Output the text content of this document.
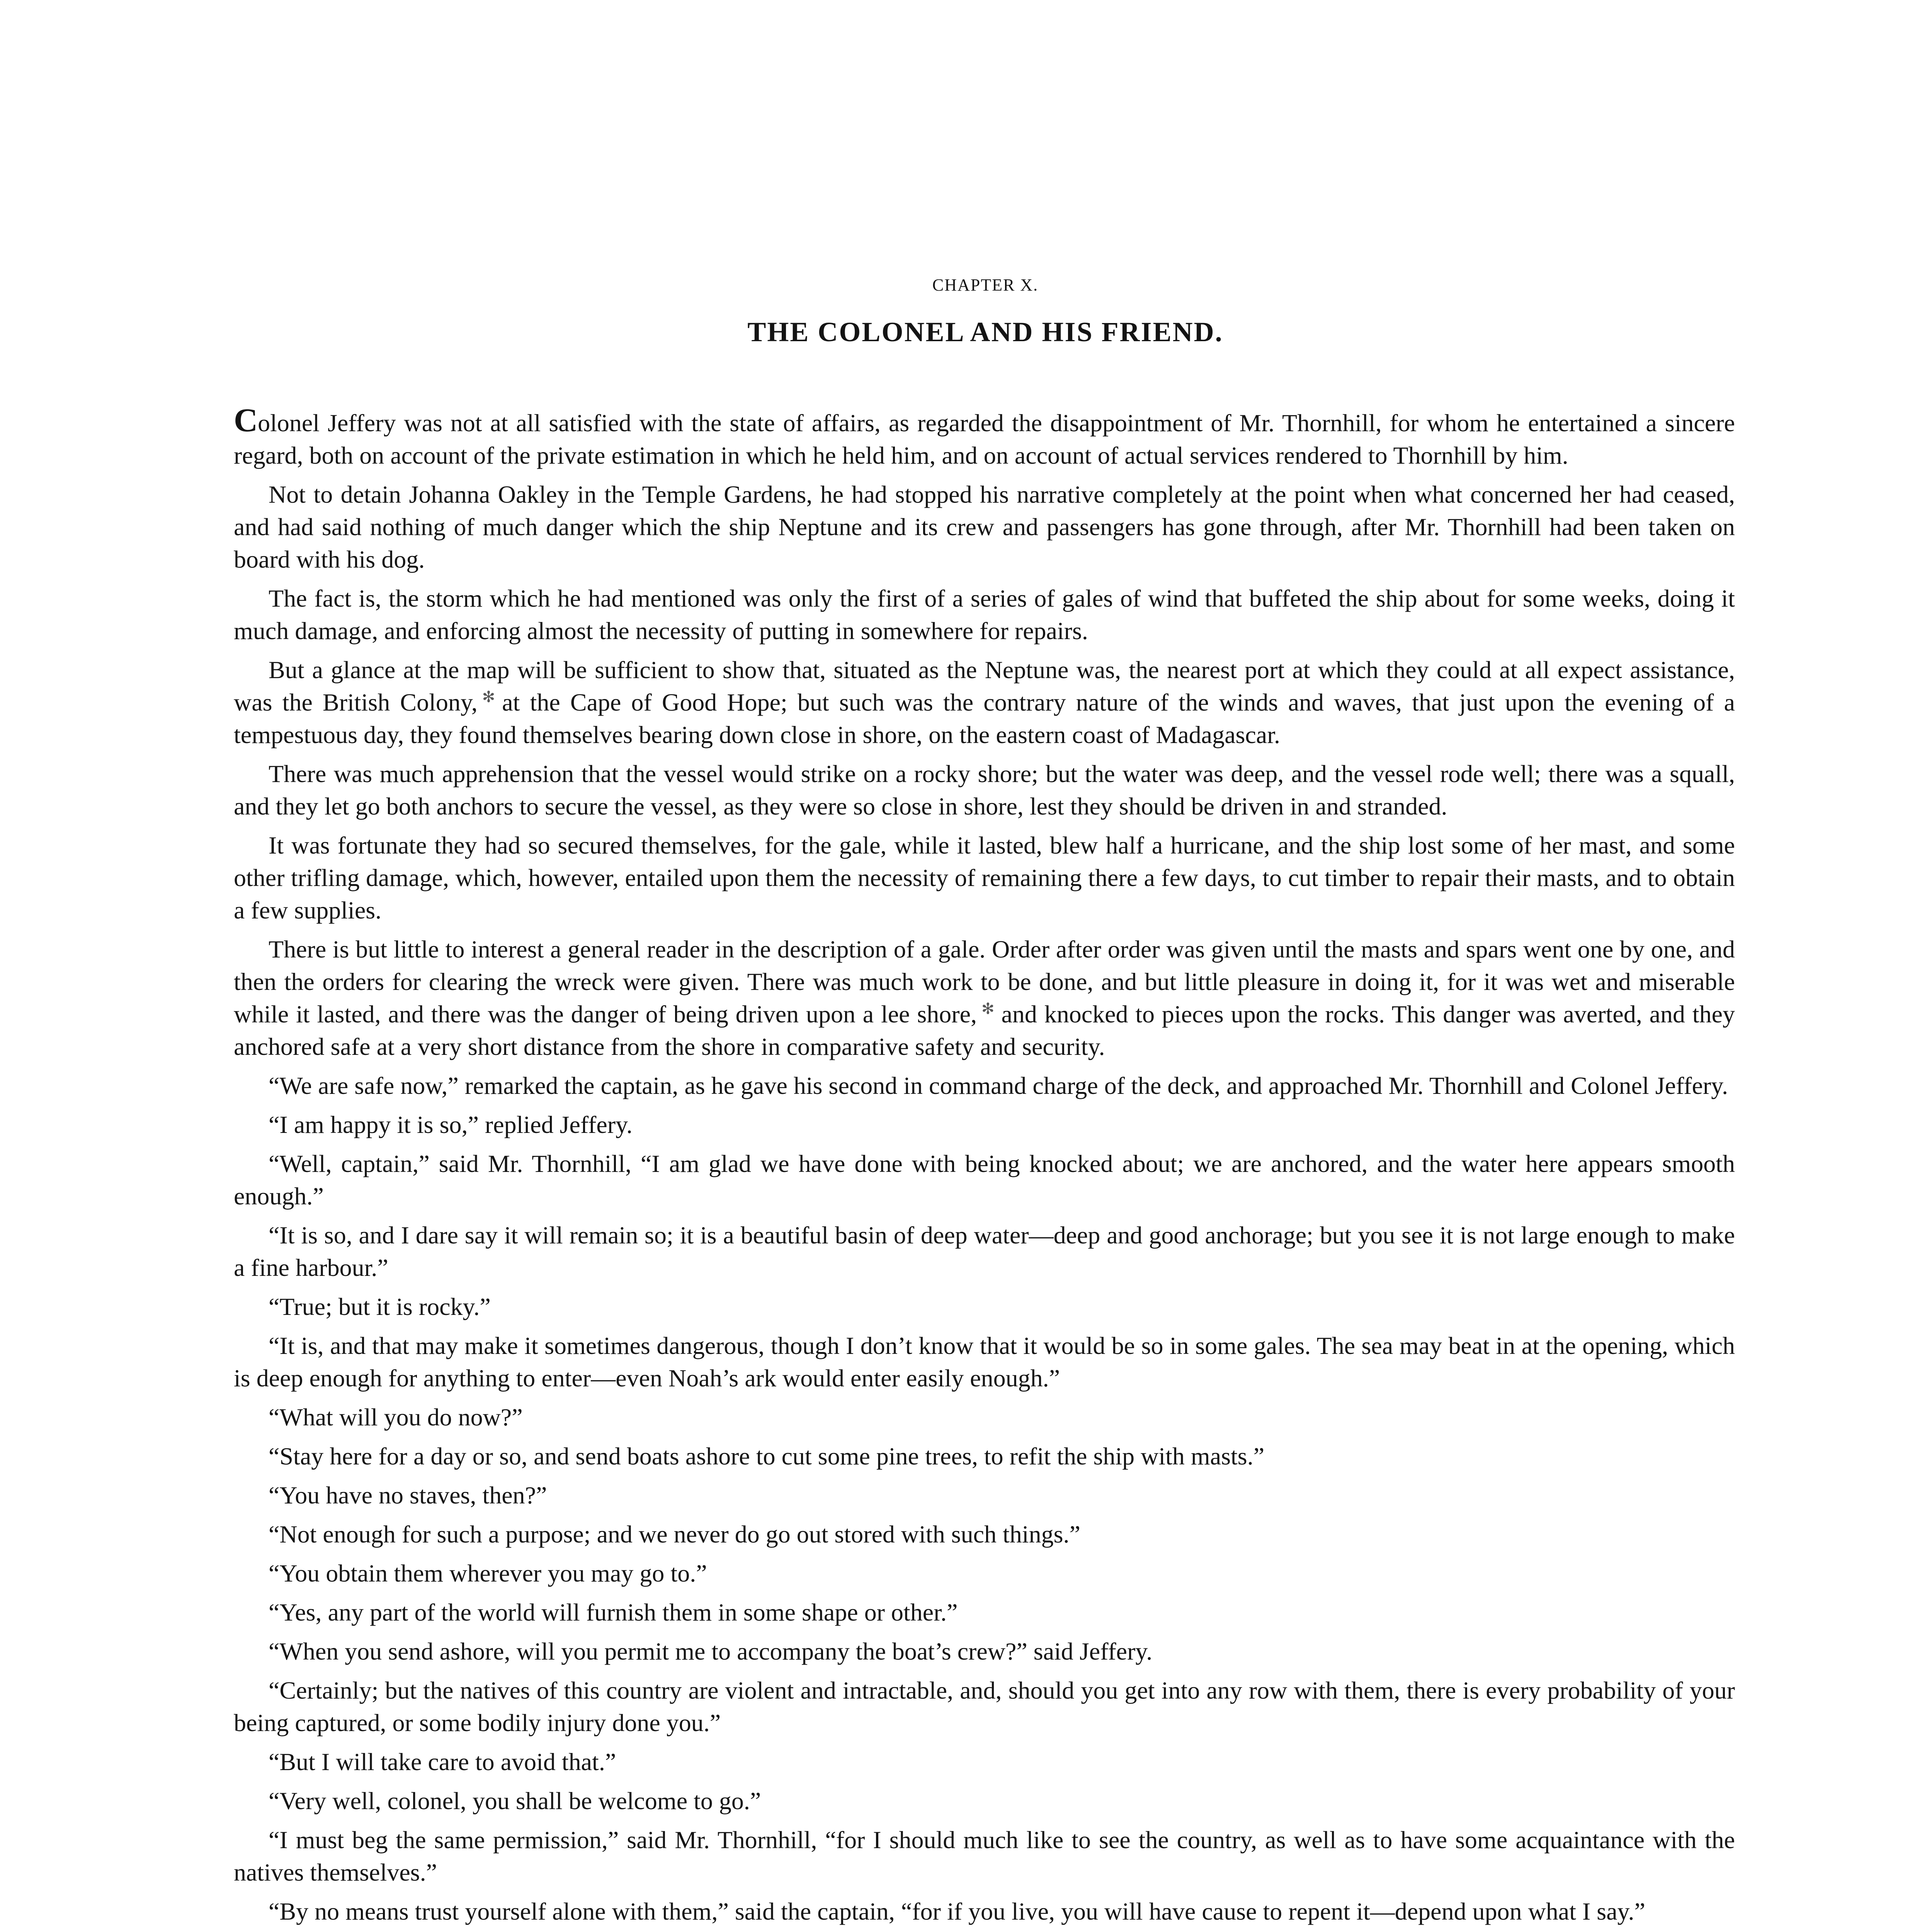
CHAPTER X.
THE COLONEL AND HIS FRIEND.

Colonel Jeffery was not at all satisfied with the state of affairs, as regarded the disappointment of Mr. Thornhill, for whom he entertained a sincere regard, both on account of the private estimation in which he held him, and on account of actual services rendered to Thornhill by him.

Not to detain Johanna Oakley in the Temple Gardens, he had stopped his narrative completely at the point when what concerned her had ceased, and had said nothing of much danger which the ship Neptune and its crew and passengers has gone through, after Mr. Thornhill had been taken on board with his dog.

The fact is, the storm which he had mentioned was only the first of a series of gales of wind that buffeted the ship about for some weeks, doing it much damage, and enforcing almost the necessity of putting in somewhere for repairs.

But a glance at the map will be sufficient to show that, situated as the Neptune was, the nearest port at which they could at all expect assistance, was the British Colony, ✻ at the Cape of Good Hope; but such was the contrary nature of the winds and waves, that just upon the evening of a tempestuous day, they found themselves bearing down close in shore, on the eastern coast of Madagascar.

There was much apprehension that the vessel would strike on a rocky shore; but the water was deep, and the vessel rode well; there was a squall, and they let go both anchors to secure the vessel, as they were so close in shore, lest they should be driven in and stranded.

It was fortunate they had so secured themselves, for the gale, while it lasted, blew half a hurricane, and the ship lost some of her mast, and some other trifling damage, which, however, entailed upon them the necessity of remaining there a few days, to cut timber to repair their masts, and to obtain a few supplies.

There is but little to interest a general reader in the description of a gale. Order after order was given until the masts and spars went one by one, and then the orders for clearing the wreck were given. There was much work to be done, and but little pleasure in doing it, for it was wet and miserable while it lasted, and there was the danger of being driven upon a lee shore, ✻ and knocked to pieces upon the rocks. This danger was averted, and they anchored safe at a very short distance from the shore in comparative safety and security.

“We are safe now,” remarked the captain, as he gave his second in command charge of the deck, and approached Mr. Thornhill and Colonel Jeffery.

“I am happy it is so,” replied Jeffery.

“Well, captain,” said Mr. Thornhill, “I am glad we have done with being knocked about; we are anchored, and the water here appears smooth enough.”

“It is so, and I dare say it will remain so; it is a beautiful basin of deep water—deep and good anchorage; but you see it is not large enough to make a fine harbour.”

“True; but it is rocky.”

“It is, and that may make it sometimes dangerous, though I don’t know that it would be so in some gales. The sea may beat in at the opening, which is deep enough for anything to enter—even Noah’s ark would enter easily enough.”

“What will you do now?”

“Stay here for a day or so, and send boats ashore to cut some pine trees, to refit the ship with masts.”

“You have no staves, then?”

“Not enough for such a purpose; and we never do go out stored with such things.”

“You obtain them wherever you may go to.”

“Yes, any part of the world will furnish them in some shape or other.”

“When you send ashore, will you permit me to accompany the boat’s crew?” said Jeffery.

“Certainly; but the natives of this country are violent and intractable, and, should you get into any row with them, there is every probability of your being captured, or some bodily injury done you.”

“But I will take care to avoid that.”

“Very well, colonel, you shall be welcome to go.”

“I must beg the same permission,” said Mr. Thornhill, “for I should much like to see the country, as well as to have some acquaintance with the natives themselves.”

“By no means trust yourself alone with them,” said the captain, “for if you live, you will have cause to repent it—depend upon what I say.”
